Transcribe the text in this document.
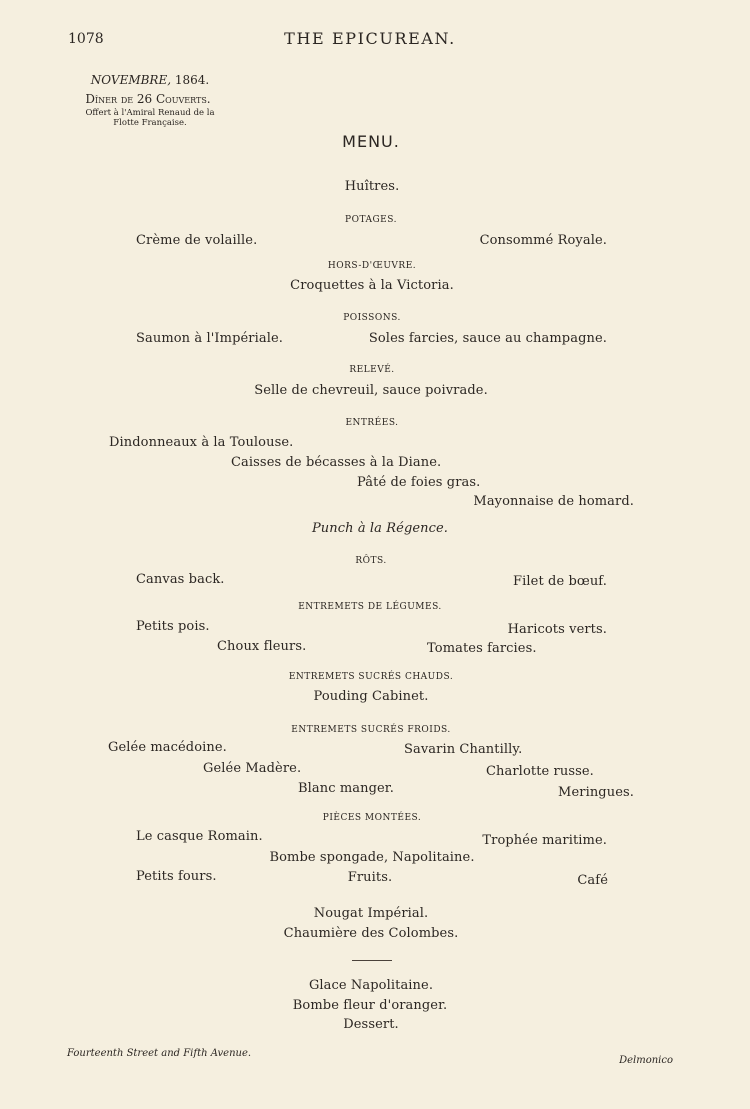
1078	THE EPICUREAN.
NOVEMBRE, 1864.
Dîner de 26 Couverts.
Offert à l'Amiral Renaud de la
Flotte Française.
MENU.
Huîtres.
POTAGES.
Crème de volaille.	Consommé Royale.
HORS-D'ŒUVRE.
Croquettes à la Victoria.
POISSONS.
Saumon à l'Impériale.	Soles farcies, sauce au champagne.
RELEVÉ.
Selle de chevreuil, sauce poivrade.
ENTRÉES.
Dindonneaux à la Toulouse.
Caisses de bécasses à la Diane.
Pâté de foies gras.
Mayonnaise de homard.
Punch à la Régence.
RÔTS.
Canvas back.	Filet de bœuf.
ENTREMETS DE LÉGUMES.
Petits pois.	Haricots verts.
Choux fleurs.	Tomates farcies.
ENTREMETS SUCRÉS CHAUDS.
Pouding Cabinet.
ENTREMETS SUCRÉS FROIDS.
Gelée macédoine.	Savarin Chantilly.
Gelée Madère.	Charlotte russe.
Blanc manger.	Meringues.
PIÈCES MONTÉES.
Le casque Romain.	Trophée maritime.
Bombe spongade, Napolitaine.
Petits fours.	Fruits.	Café
Nougat Impérial.
Chaumière des Colombes.
Glace Napolitaine.
Bombe fleur d'oranger.
Dessert.
Fourteenth Street and Fifth Avenue.
Delmonico
